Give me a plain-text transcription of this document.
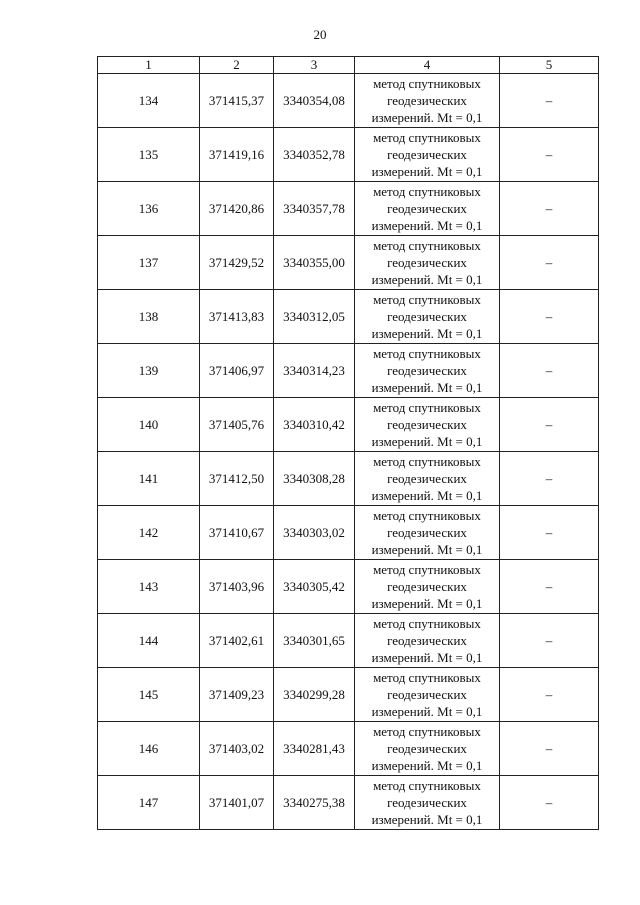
20
1	2	3	4	5
134	371415,37	3340354,08	метод спутниковых
геодезических
измерений. Mt = 0,1	–
135	371419,16	3340352,78	метод спутниковых
геодезических
измерений. Mt = 0,1	–
136	371420,86	3340357,78	метод спутниковых
геодезических
измерений. Mt = 0,1	–
137	371429,52	3340355,00	метод спутниковых
геодезических
измерений. Mt = 0,1	–
138	371413,83	3340312,05	метод спутниковых
геодезических
измерений. Mt = 0,1	–
139	371406,97	3340314,23	метод спутниковых
геодезических
измерений. Mt = 0,1	–
140	371405,76	3340310,42	метод спутниковых
геодезических
измерений. Mt = 0,1	–
141	371412,50	3340308,28	метод спутниковых
геодезических
измерений. Mt = 0,1	–
142	371410,67	3340303,02	метод спутниковых
геодезических
измерений. Mt = 0,1	–
143	371403,96	3340305,42	метод спутниковых
геодезических
измерений. Mt = 0,1	–
144	371402,61	3340301,65	метод спутниковых
геодезических
измерений. Mt = 0,1	–
145	371409,23	3340299,28	метод спутниковых
геодезических
измерений. Mt = 0,1	–
146	371403,02	3340281,43	метод спутниковых
геодезических
измерений. Mt = 0,1	–
147	371401,07	3340275,38	метод спутниковых
геодезических
измерений. Mt = 0,1	–
